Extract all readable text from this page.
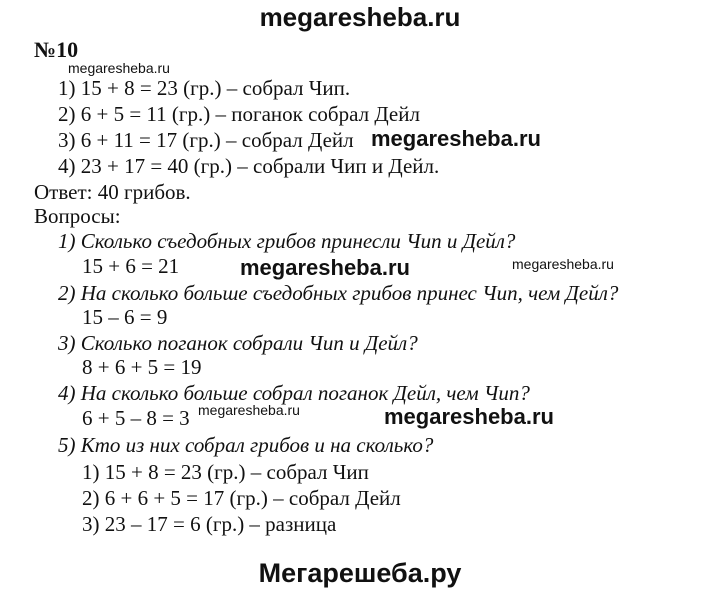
megaresheba.ru
№10
megaresheba.ru
1) 15 + 8 = 23 (гр.) – собрал Чип.
2) 6 + 5 = 11 (гр.) – поганок собрал Дейл
3) 6 + 11 = 17 (гр.) – собрал Дейл megaresheba.ru
4) 23 + 17 = 40 (гр.) – собрали Чип и Дейл.
Ответ: 40 грибов.
Вопросы:
1) Сколько съедобных грибов принесли Чип и Дейл?
15 + 6 = 21	megaresheba.ru	megaresheba.ru
2) На сколько больше съедобных грибов принес Чип, чем Дейл?
15 – 6 = 9
3) Сколько поганок собрали Чип и Дейл?
8 + 6 + 5 = 19
4) На сколько больше собрал поганок Дейл, чем Чип?
6 + 5 – 8 = 3 megaresheba.ru	megaresheba.ru
5) Кто из них собрал грибов и на сколько?
1) 15 + 8 = 23 (гр.) – собрал Чип
2) 6 + 6 + 5 = 17 (гр.) – собрал Дейл
3) 23 – 17 = 6 (гр.) – разница
Мегарешеба.ру
